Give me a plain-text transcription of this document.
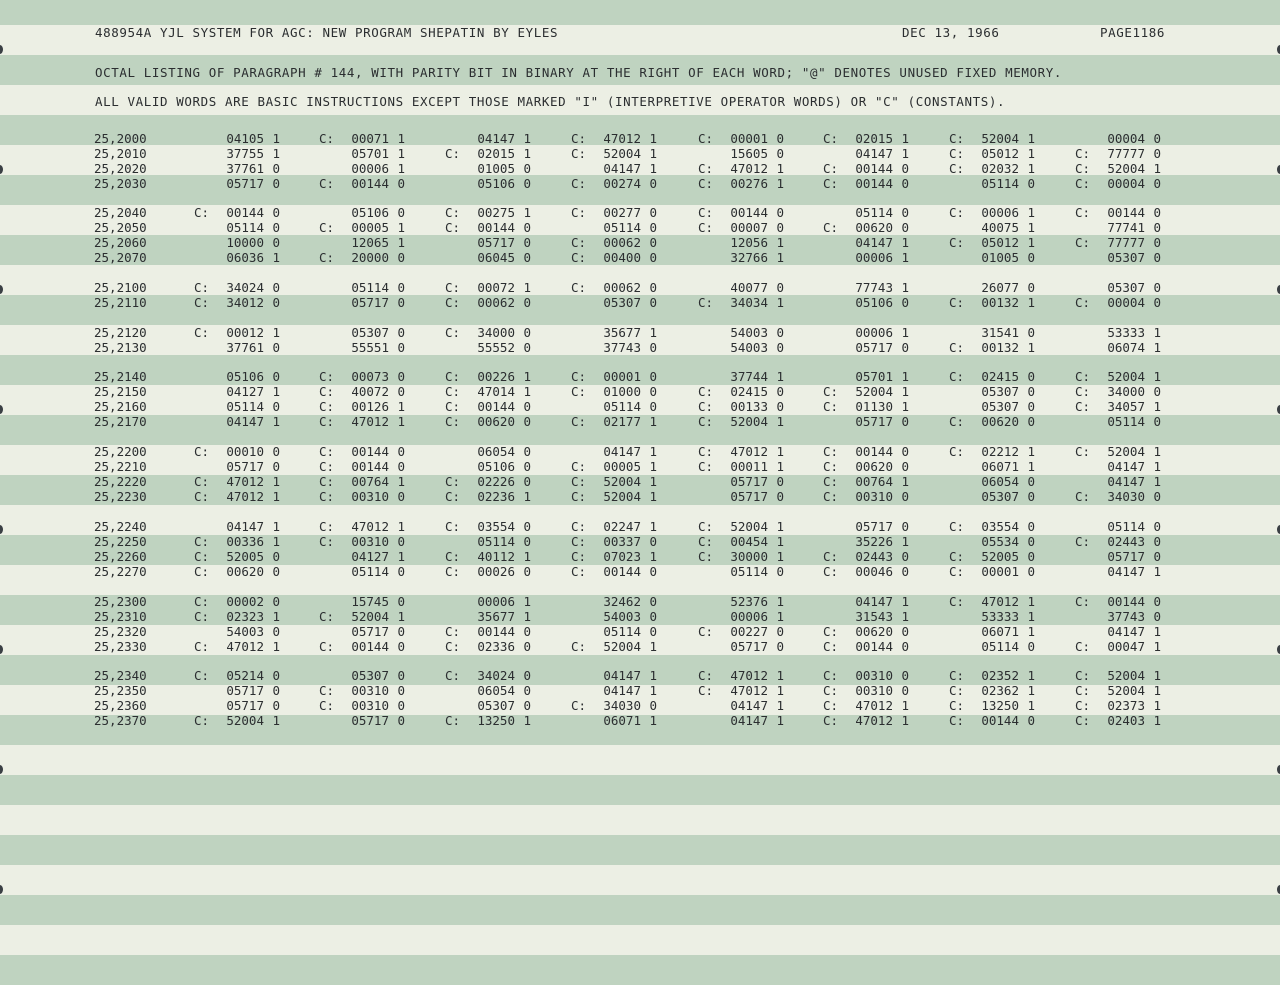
488954A YJL SYSTEM FOR AGC: NEW PROGRAM SHEPATIN BY EYLES	DEC 13, 1966	PAGE1186
OCTAL LISTING OF PARAGRAPH # 144, WITH PARITY BIT IN BINARY AT THE RIGHT OF EACH WORD; "@" DENOTES UNUSED FIXED MEMORY.
ALL VALID WORDS ARE BASIC INSTRUCTIONS EXCEPT THOSE MARKED "I" (INTERPRETIVE OPERATOR WORDS) OR "C" (CONSTANTS).
25,2000	04105 1	C: 00071 1	04147 1	C: 47012 1	C: 00001 0	C: 02015 1	C: 52004 1	00004 0
25,2010	37755 1	05701 1	C: 02015 1	C: 52004 1	15605 0	04147 1	C: 05012 1	C: 77777 0
25,2020	37761 0	00006 1	01005 0	04147 1	C: 47012 1	C: 00144 0	C: 02032 1	C: 52004 1
25,2030	05717 0	C: 00144 0	05106 0	C: 00274 0	C: 00276 1	C: 00144 0	05114 0	C: 00004 0
25,2040	C: 00144 0	05106 0	C: 00275 1	C: 00277 0	C: 00144 0	05114 0	C: 00006 1	C: 00144 0
25,2050	05114 0	C: 00005 1	C: 00144 0	05114 0	C: 00007 0	C: 00620 0	40075 1	77741 0
25,2060	10000 0	12065 1	05717 0	C: 00062 0	12056 1	04147 1	C: 05012 1	C: 77777 0
25,2070	06036 1	C: 20000 0	06045 0	C: 00400 0	32766 1	00006 1	01005 0	05307 0
25,2100	C: 34024 0	05114 0	C: 00072 1	C: 00062 0	40077 0	77743 1	26077 0	05307 0
25,2110	C: 34012 0	05717 0	C: 00062 0	05307 0	C: 34034 1	05106 0	C: 00132 1	C: 00004 0
25,2120	C: 00012 1	05307 0	C: 34000 0	35677 1	54003 0	00006 1	31541 0	53333 1
25,2130	37761 0	55551 0	55552 0	37743 0	54003 0	05717 0	C: 00132 1	06074 1
25,2140	05106 0	C: 00073 0	C: 00226 1	C: 00001 0	37744 1	05701 1	C: 02415 0	C: 52004 1
25,2150	04127 1	C: 40072 0	C: 47014 1	C: 01000 0	C: 02415 0	C: 52004 1	05307 0	C: 34000 0
25,2160	05114 0	C: 00126 1	C: 00144 0	05114 0	C: 00133 0	C: 01130 1	05307 0	C: 34057 1
25,2170	04147 1	C: 47012 1	C: 00620 0	C: 02177 1	C: 52004 1	05717 0	C: 00620 0	05114 0
25,2200	C: 00010 0	C: 00144 0	06054 0	04147 1	C: 47012 1	C: 00144 0	C: 02212 1	C: 52004 1
25,2210	05717 0	C: 00144 0	05106 0	C: 00005 1	C: 00011 1	C: 00620 0	06071 1	04147 1
25,2220	C: 47012 1	C: 00764 1	C: 02226 0	C: 52004 1	05717 0	C: 00764 1	06054 0	04147 1
25,2230	C: 47012 1	C: 00310 0	C: 02236 1	C: 52004 1	05717 0	C: 00310 0	05307 0	C: 34030 0
25,2240	04147 1	C: 47012 1	C: 03554 0	C: 02247 1	C: 52004 1	05717 0	C: 03554 0	05114 0
25,2250	C: 00336 1	C: 00310 0	05114 0	C: 00337 0	C: 00454 1	35226 1	05534 0	C: 02443 0
25,2260	C: 52005 0	04127 1	C: 40112 1	C: 07023 1	C: 30000 1	C: 02443 0	C: 52005 0	05717 0
25,2270	C: 00620 0	05114 0	C: 00026 0	C: 00144 0	05114 0	C: 00046 0	C: 00001 0	04147 1
25,2300	C: 00002 0	15745 0	00006 1	32462 0	52376 1	04147 1	C: 47012 1	C: 00144 0
25,2310	C: 02323 1	C: 52004 1	35677 1	54003 0	00006 1	31543 1	53333 1	37743 0
25,2320	54003 0	05717 0	C: 00144 0	05114 0	C: 00227 0	C: 00620 0	06071 1	04147 1
25,2330	C: 47012 1	C: 00144 0	C: 02336 0	C: 52004 1	05717 0	C: 00144 0	05114 0	C: 00047 1
25,2340	C: 05214 0	05307 0	C: 34024 0	04147 1	C: 47012 1	C: 00310 0	C: 02352 1	C: 52004 1
25,2350	05717 0	C: 00310 0	06054 0	04147 1	C: 47012 1	C: 00310 0	C: 02362 1	C: 52004 1
25,2360	05717 0	C: 00310 0	05307 0	C: 34030 0	04147 1	C: 47012 1	C: 13250 1	C: 02373 1
25,2370	C: 52004 1	05717 0	C: 13250 1	06071 1	04147 1	C: 47012 1	C: 00144 0	C: 02403 1
